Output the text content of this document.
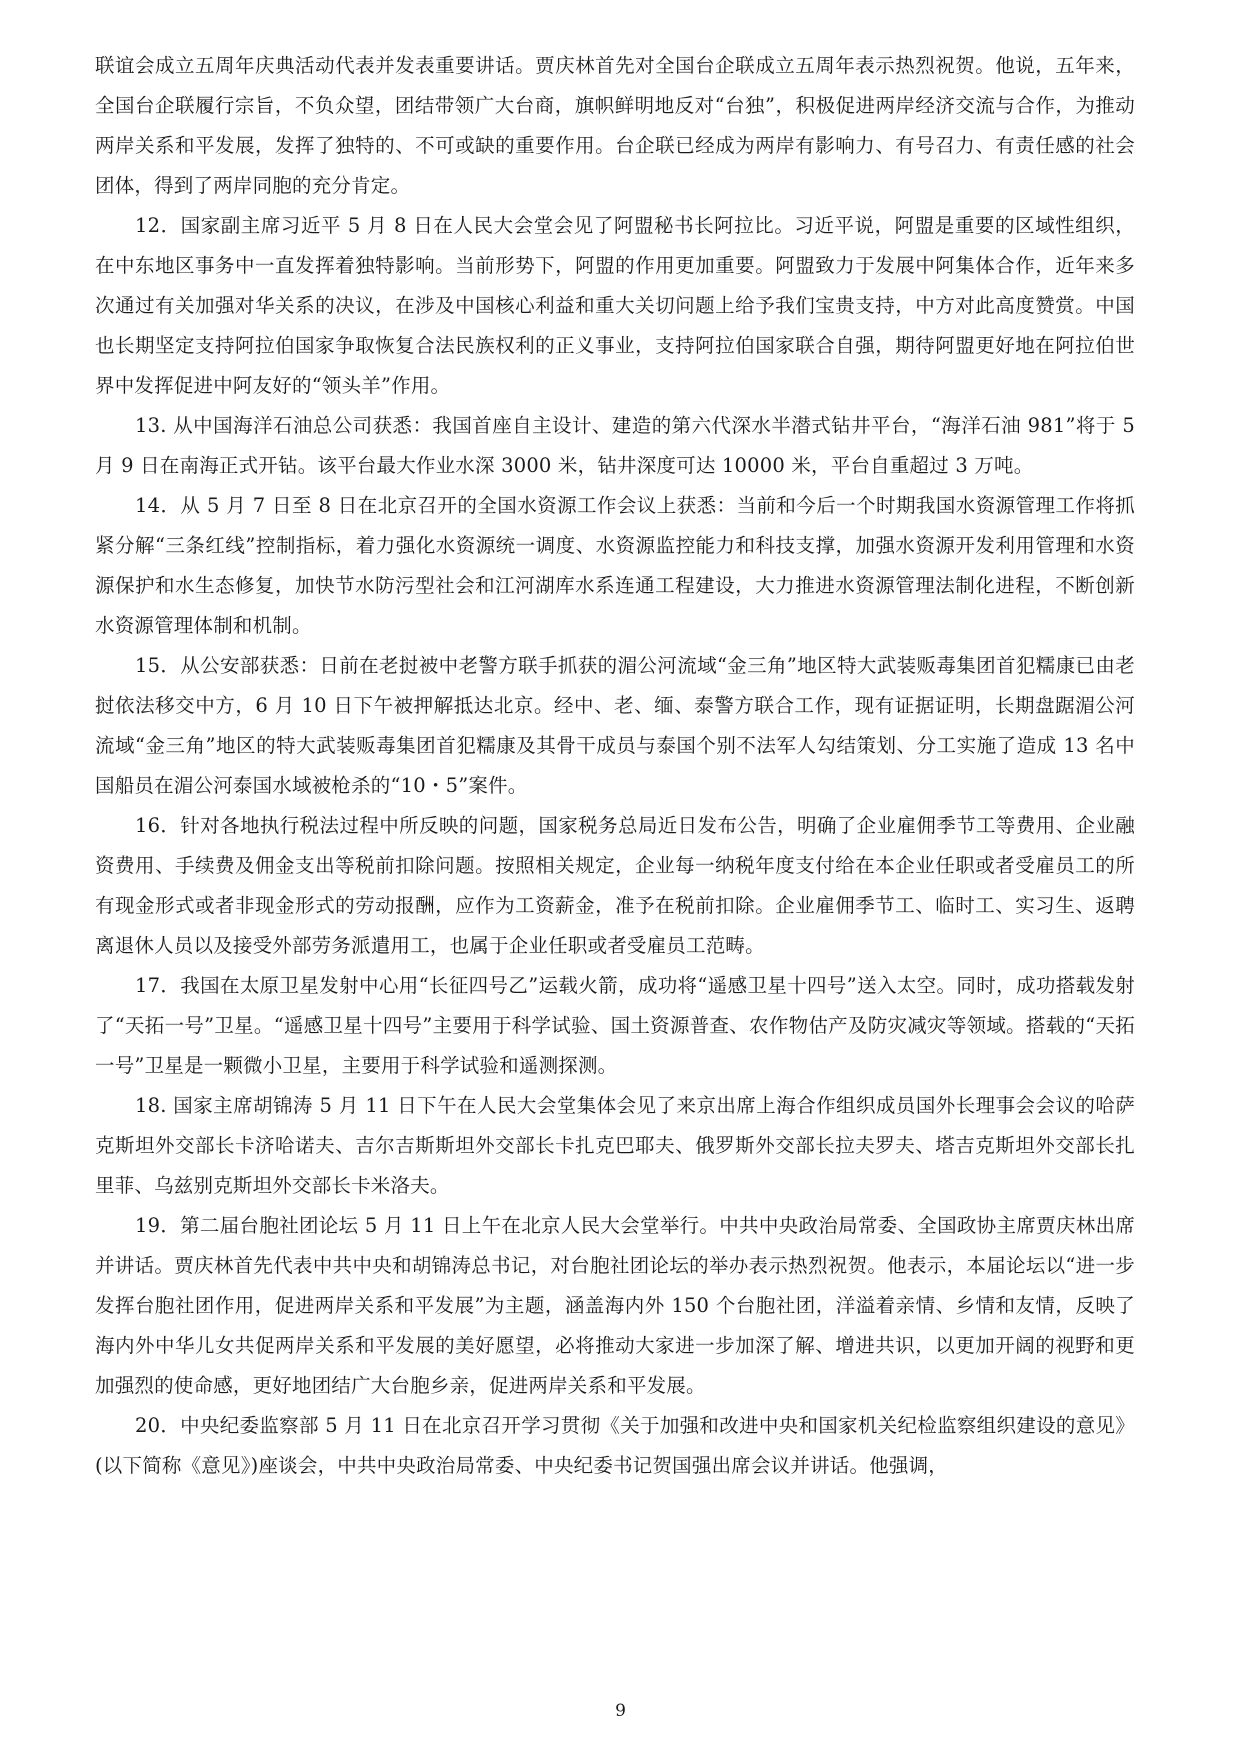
联谊会成立五周年庆典活动代表并发表重要讲话。贾庆林首先对全国台企联成立五周年表示热烈祝贺。他说，五年来，全国台企联履行宗旨，不负众望，团结带领广大台商，旗帜鲜明地反对“台独”，积极促进两岸经济交流与合作，为推动两岸关系和平发展，发挥了独特的、不可或缺的重要作用。台企联已经成为两岸有影响力、有号召力、有责任感的社会团体，得到了两岸同胞的充分肯定。

12．国家副主席习近平 5 月 8 日在人民大会堂会见了阿盟秘书长阿拉比。习近平说，阿盟是重要的区域性组织，在中东地区事务中一直发挥着独特影响。当前形势下，阿盟的作用更加重要。阿盟致力于发展中阿集体合作，近年来多次通过有关加强对华关系的决议，在涉及中国核心利益和重大关切问题上给予我们宝贵支持，中方对此高度赞赏。中国也长期坚定支持阿拉伯国家争取恢复合法民族权利的正义事业，支持阿拉伯国家联合自强，期待阿盟更好地在阿拉伯世界中发挥促进中阿友好的“领头羊”作用。

13. 从中国海洋石油总公司获悉：我国首座自主设计、建造的第六代深水半潜式钻井平台，“海洋石油 981”将于 5 月 9 日在南海正式开钻。该平台最大作业水深 3000 米，钻井深度可达 10000 米，平台自重超过 3 万吨。

14．从 5 月 7 日至 8 日在北京召开的全国水资源工作会议上获悉：当前和今后一个时期我国水资源管理工作将抓紧分解“三条红线”控制指标，着力强化水资源统一调度、水资源监控能力和科技支撑，加强水资源开发利用管理和水资源保护和水生态修复，加快节水防污型社会和江河湖库水系连通工程建设，大力推进水资源管理法制化进程，不断创新水资源管理体制和机制。

15．从公安部获悉：日前在老挝被中老警方联手抓获的湄公河流域“金三角”地区特大武装贩毒集团首犯糯康已由老挝依法移交中方，6 月 10 日下午被押解抵达北京。经中、老、缅、泰警方联合工作，现有证据证明，长期盘踞湄公河流域“金三角”地区的特大武装贩毒集团首犯糯康及其骨干成员与泰国个别不法军人勾结策划、分工实施了造成 13 名中国船员在湄公河泰国水域被枪杀的“10・5”案件。

16．针对各地执行税法过程中所反映的问题，国家税务总局近日发布公告，明确了企业雇佣季节工等费用、企业融资费用、手续费及佣金支出等税前扣除问题。按照相关规定，企业每一纳税年度支付给在本企业任职或者受雇员工的所有现金形式或者非现金形式的劳动报酬，应作为工资薪金，准予在税前扣除。企业雇佣季节工、临时工、实习生、返聘离退休人员以及接受外部劳务派遣用工，也属于企业任职或者受雇员工范畴。

17．我国在太原卫星发射中心用“长征四号乙”运载火箭，成功将“遥感卫星十四号”送入太空。同时，成功搭载发射了“天拓一号”卫星。“遥感卫星十四号”主要用于科学试验、国土资源普查、农作物估产及防灾减灾等领域。搭载的“天拓一号”卫星是一颗微小卫星，主要用于科学试验和遥测探测。

18. 国家主席胡锦涛 5 月 11 日下午在人民大会堂集体会见了来京出席上海合作组织成员国外长理事会会议的哈萨克斯坦外交部长卡济哈诺夫、吉尔吉斯斯坦外交部长卡扎克巴耶夫、俄罗斯外交部长拉夫罗夫、塔吉克斯坦外交部长扎里菲、乌兹别克斯坦外交部长卡米洛夫。

19．第二届台胞社团论坛 5 月 11 日上午在北京人民大会堂举行。中共中央政治局常委、全国政协主席贾庆林出席并讲话。贾庆林首先代表中共中央和胡锦涛总书记，对台胞社团论坛的举办表示热烈祝贺。他表示，本届论坛以“进一步发挥台胞社团作用，促进两岸关系和平发展”为主题，涵盖海内外 150 个台胞社团，洋溢着亲情、乡情和友情，反映了海内外中华儿女共促两岸关系和平发展的美好愿望，必将推动大家进一步加深了解、增进共识，以更加开阔的视野和更加强烈的使命感，更好地团结广大台胞乡亲，促进两岸关系和平发展。

20．中央纪委监察部 5 月 11 日在北京召开学习贯彻《关于加强和改进中央和国家机关纪检监察组织建设的意见》(以下简称《意见》)座谈会，中共中央政治局常委、中央纪委书记贺国强出席会议并讲话。他强调，

9
